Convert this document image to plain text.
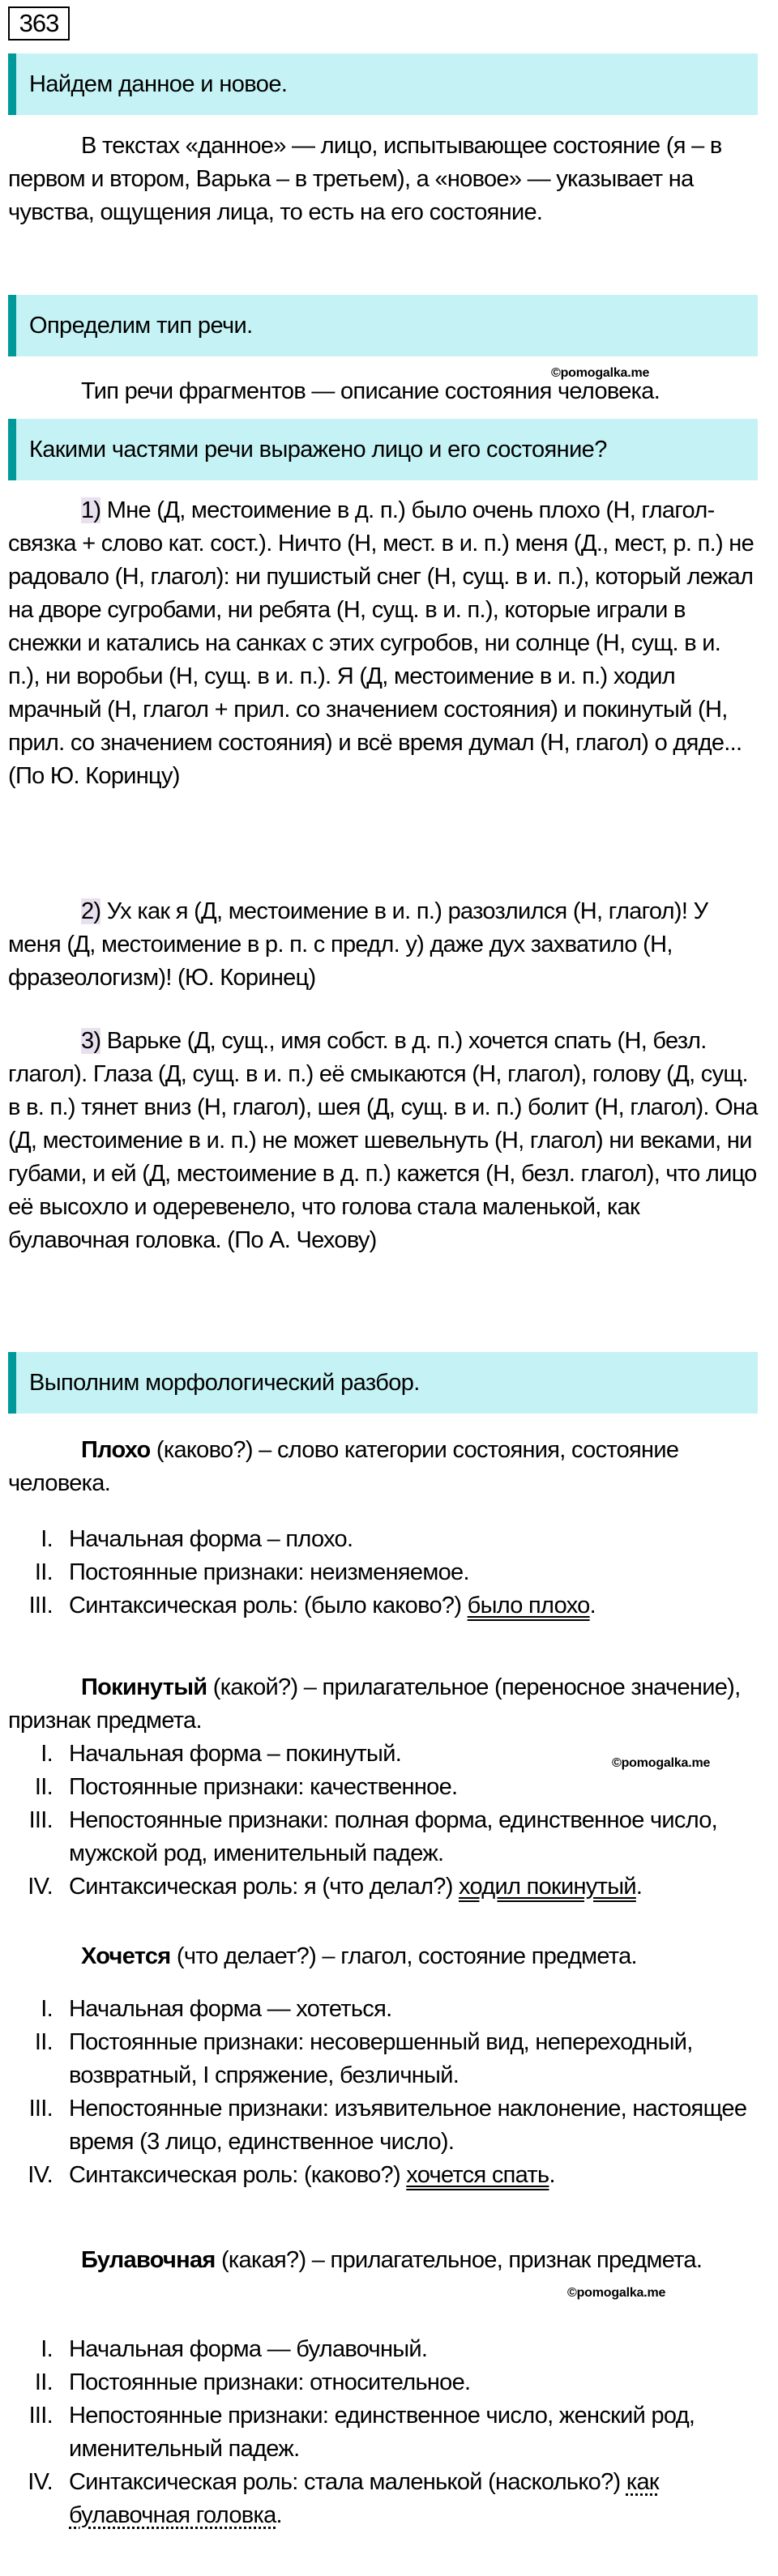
363
Найдем данное и новое.
В текстах «данное» — лицо, испытывающее состояние (я – в первом и втором, Варька – в третьем), а «новое» — указывает на чувства, ощущения лица, то есть на его состояние.
Определим тип речи.
©pomogalka.me
Тип речи фрагментов — описание состояния человека.
Какими частями речи выражено лицо и его состояние?
1) Мне (Д, местоимение в д. п.) было очень плохо (Н, глагол-связка + слово кат. сост.). Ничто (Н, мест. в и. п.) меня (Д., мест, р. п.) не радовало (Н, глагол): ни пушистый снег (Н, сущ. в и. п.), который лежал на дворе сугробами, ни ребята (Н, сущ. в и. п.), которые играли в снежки и катались на санках с этих сугробов, ни солнце (Н, сущ. в и. п.), ни воробьи (Н, сущ. в и. п.). Я (Д, местоимение в и. п.) ходил мрачный (Н, глагол + прил. со значением состояния) и покинутый (Н, прил. со значением состояния) и всё время думал (Н, глагол) о дяде... (По Ю. Коринцу)
2) Ух как я (Д, местоимение в и. п.) разозлился (Н, глагол)! У меня (Д, местоимение в р. п. с предл. у) даже дух захватило (Н, фразеологизм)! (Ю. Коринец)
3) Варьке (Д, сущ., имя собст. в д. п.) хочется спать (Н, безл. глагол). Глаза (Д, сущ. в и. п.) её смыкаются (Н, глагол), голову (Д, сущ. в в. п.) тянет вниз (Н, глагол), шея (Д, сущ. в и. п.) болит (Н, глагол). Она (Д, местоимение в и. п.) не может шевельнуть (Н, глагол) ни веками, ни губами, и ей (Д, местоимение в д. п.) кажется (Н, безл. глагол), что лицо её высохло и одеревенело, что голова стала маленькой, как булавочная головка. (По А. Чехову)
Выполним морфологический разбор.
Плохо (каково?) – слово категории состояния, состояние человека.
I. Начальная форма – плохо.
II. Постоянные признаки: неизменяемое.
III. Синтаксическая роль: (было каково?) было плохо.
Покинутый (какой?) – прилагательное (переносное значение), признак предмета.
©pomogalka.me
I. Начальная форма – покинутый.
II. Постоянные признаки: качественное.
III. Непостоянные признаки: полная форма, единственное число, мужской род, именительный падеж.
IV. Синтаксическая роль: я (что делал?) ходил покинутый.
Хочется (что делает?) – глагол, состояние предмета.
I. Начальная форма — хотеться.
II. Постоянные признаки: несовершенный вид, непереходный, возвратный, I спряжение, безличный.
III. Непостоянные признаки: изъявительное наклонение, настоящее время (3 лицо, единственное число).
IV. Синтаксическая роль: (каково?) хочется спать.
Булавочная (какая?) – прилагательное, признак предмета.
©pomogalka.me
I. Начальная форма — булавочный.
II. Постоянные признаки: относительное.
III. Непостоянные признаки: единственное число, женский род, именительный падеж.
IV. Синтаксическая роль: стала маленькой (насколько?) как булавочная головка.
